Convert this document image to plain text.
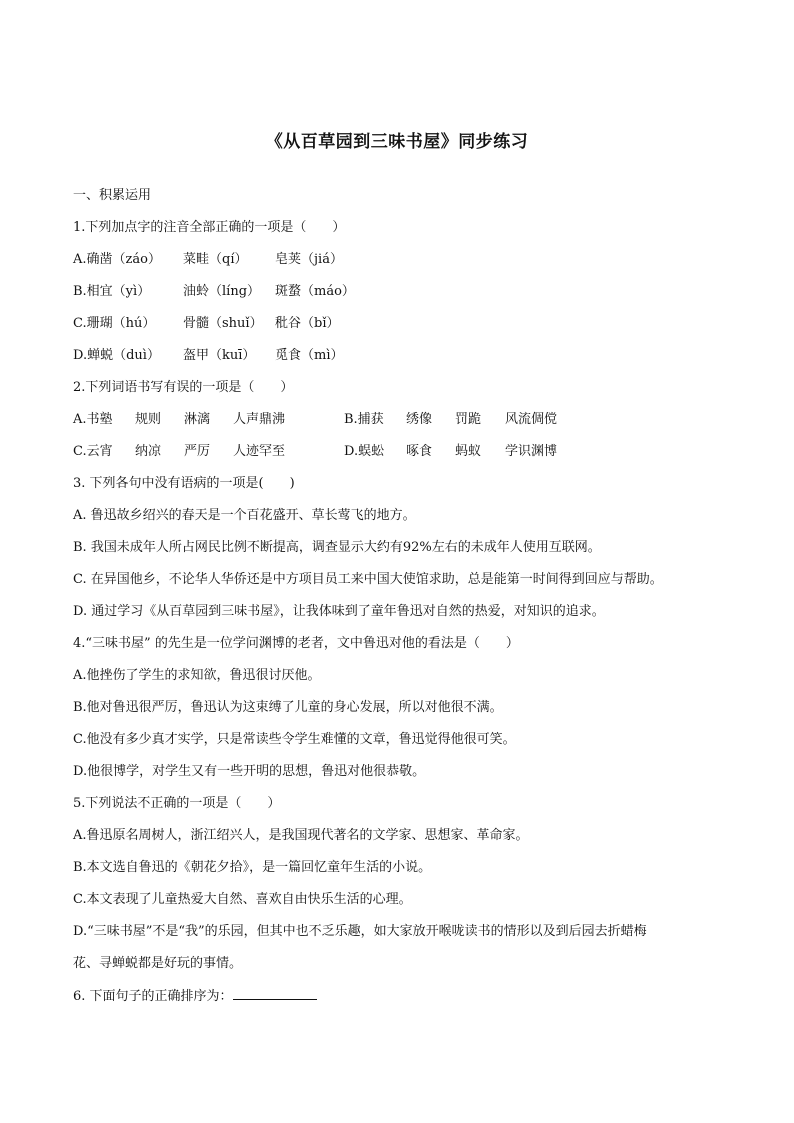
《从百草园到三味书屋》同步练习
一、积累运用
1.下列加点字的注音全部正确的一项是（　　）
A.确凿（záo） 菜畦（qí） 皂荚（jiá）
B.相宜（yì）	油蛉（líng） 斑蝥（máo）
C.珊瑚（hú） 骨髓（shuǐ） 秕谷（bǐ）
D.蝉蜕（duì） 盔甲（kuī） 觅食（mì）
2.下列词语书写有误的一项是（　　）
A.书塾 规则 淋漓 人声鼎沸	B.捕获 绣像 罚跪 风流倜傥
C.云宵 纳凉 严厉 人迹罕至	D.蜈蚣 啄食 蚂蚁 学识渊博
3. 下列各句中没有语病的一项是(　　)
A. 鲁迅故乡绍兴的春天是一个百花盛开、草长莺飞的地方。
B. 我国未成年人所占网民比例不断提高，调查显示大约有92%左右的未成年人使用互联网。
C. 在异国他乡，不论华人华侨还是中方项目员工来中国大使馆求助，总是能第一时间得到回应与帮助。
D. 通过学习《从百草园到三味书屋》，让我体味到了童年鲁迅对自然的热爱，对知识的追求。
4.“三味书屋” 的先生是一位学问渊博的老者，文中鲁迅对他的看法是（　　）
A.他挫伤了学生的求知欲，鲁迅很讨厌他。
B.他对鲁迅很严厉，鲁迅认为这束缚了儿童的身心发展，所以对他很不满。
C.他没有多少真才实学，只是常读些令学生难懂的文章，鲁迅觉得他很可笑。
D.他很博学，对学生又有一些开明的思想，鲁迅对他很恭敬。
5.下列说法不正确的一项是（　　）
A.鲁迅原名周树人，浙江绍兴人，是我国现代著名的文学家、思想家、革命家。
B.本文选自鲁迅的《朝花夕拾》，是一篇回忆童年生活的小说。
C.本文表现了儿童热爱大自然、喜欢自由快乐生活的心理。
D.“三味书屋”不是“我”的乐园，但其中也不乏乐趣，如大家放开喉咙读书的情形以及到后园去折蜡梅
花、寻蝉蜕都是好玩的事情。
6. 下面句子的正确排序为：
